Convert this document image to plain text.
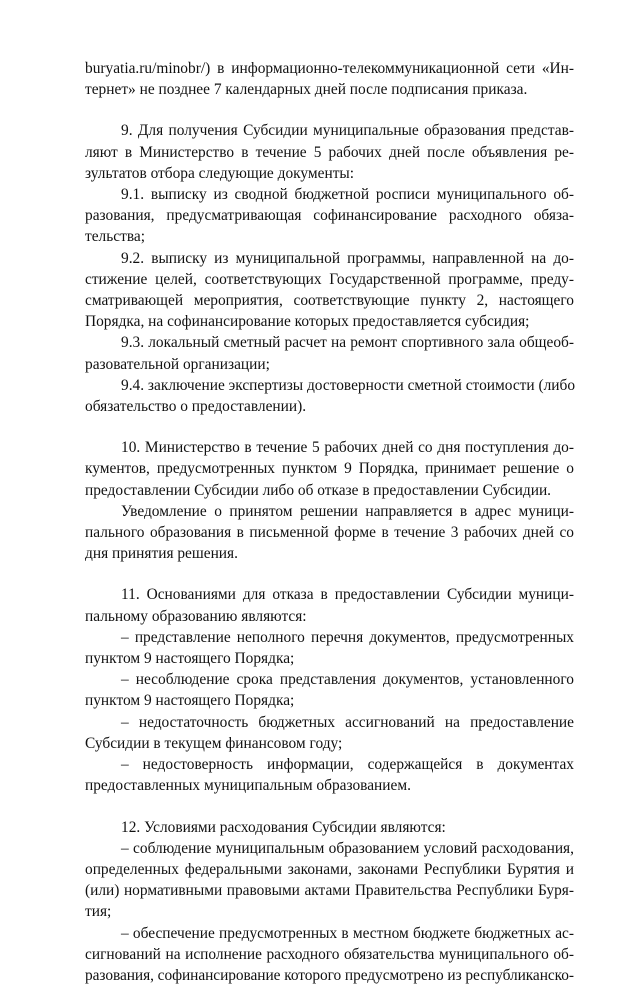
buryatia.ru/minobr/) в информационно-телекоммуникационной сети «Ин-
тернет» не позднее 7 календарных дней после подписания приказа.
9. Для получения Субсидии муниципальные образования представ-
ляют в Министерство в течение 5 рабочих дней после объявления ре-
зультатов отбора следующие документы:
9.1. выписку из сводной бюджетной росписи муниципального об-
разования, предусматривающая софинансирование расходного обяза-
тельства;
9.2. выписку из муниципальной программы, направленной на до-
стижение целей, соответствующих Государственной программе, преду-
сматривающей мероприятия, соответствующие пункту 2, настоящего
Порядка, на софинансирование которых предоставляется субсидия;
9.3. локальный сметный расчет на ремонт спортивного зала общеоб-
разовательной организации;
9.4. заключение экспертизы достоверности сметной стоимости (либо
обязательство о предоставлении).
10. Министерство в течение 5 рабочих дней со дня поступления до-
кументов, предусмотренных пунктом 9 Порядка, принимает решение о
предоставлении Субсидии либо об отказе в предоставлении Субсидии.
Уведомление о принятом решении направляется в адрес муници-
пального образования в письменной форме в течение 3 рабочих дней со
дня принятия решения.
11. Основаниями для отказа в предоставлении Субсидии муници-
пальному образованию являются:
– представление неполного перечня документов, предусмотренных
пунктом 9 настоящего Порядка;
– несоблюдение срока представления документов, установленного
пунктом 9 настоящего Порядка;
– недостаточность бюджетных ассигнований на предоставление
Субсидии в текущем финансовом году;
– недостоверность информации, содержащейся в документах
предоставленных муниципальным образованием.
12. Условиями расходования Субсидии являются:
– соблюдение муниципальным образованием условий расходования,
определенных федеральными законами, законами Республики Бурятия и
(или) нормативными правовыми актами Правительства Республики Буря-
тия;
– обеспечение предусмотренных в местном бюджете бюджетных ас-
сигнований на исполнение расходного обязательства муниципального об-
разования, софинансирование которого предусмотрено из республиканско-
